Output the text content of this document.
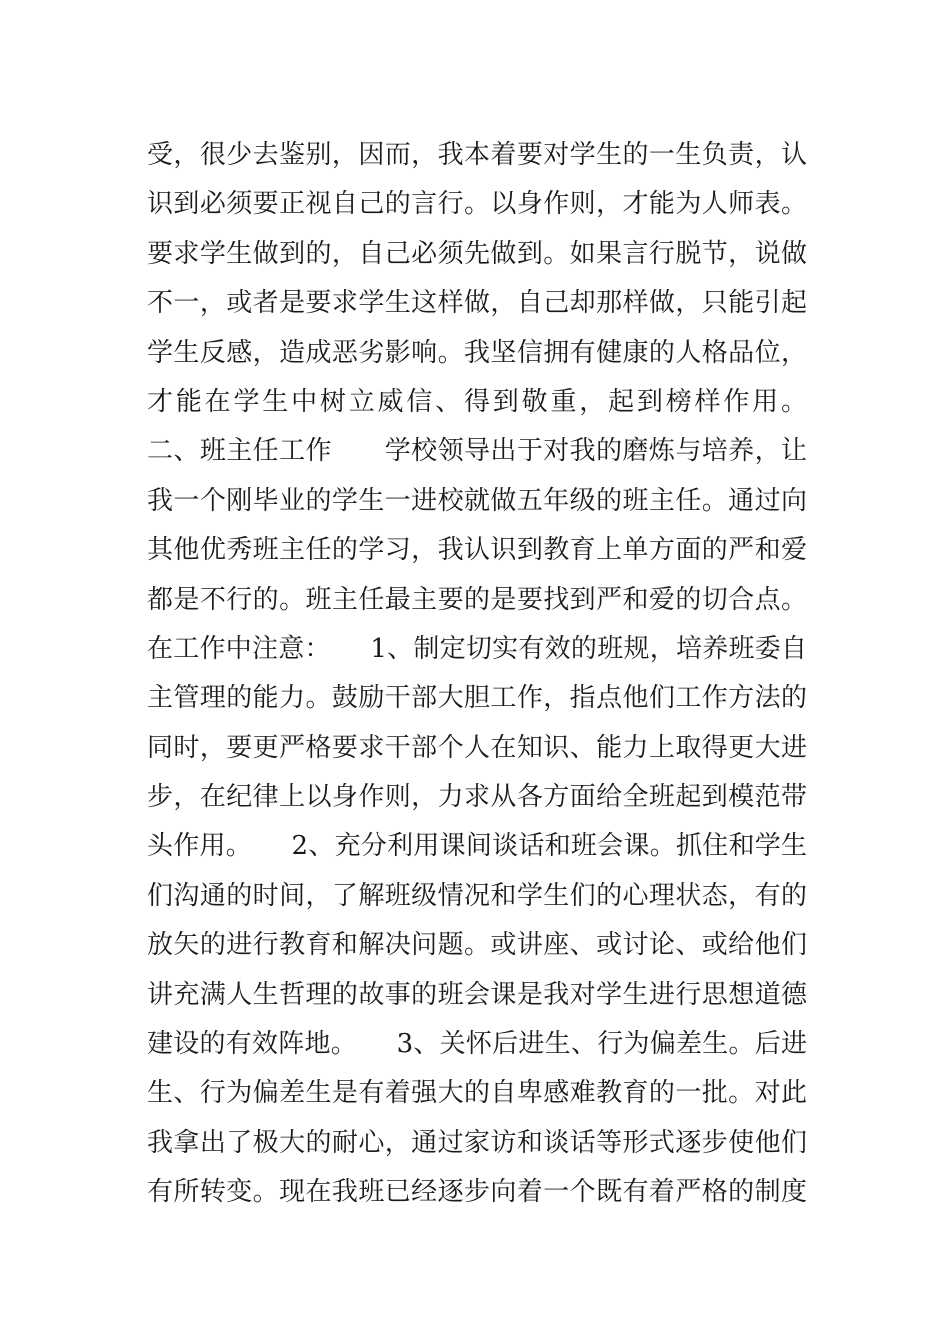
受，很少去鉴别，因而，我本着要对学生的一生负责，认
识到必须要正视自己的言行。以身作则，才能为人师表。
要求学生做到的，自己必须先做到。如果言行脱节，说做
不一，或者是要求学生这样做，自己却那样做，只能引起
学生反感，造成恶劣影响。我坚信拥有健康的人格品位，
才能在学生中树立威信、得到敬重，起到榜样作用。
二、班主任工作　　学校领导出于对我的磨炼与培养，让
我一个刚毕业的学生一进校就做五年级的班主任。通过向
其他优秀班主任的学习，我认识到教育上单方面的严和爱
都是不行的。班主任最主要的是要找到严和爱的切合点。
在工作中注意：　　1、制定切实有效的班规，培养班委自
主管理的能力。鼓励干部大胆工作，指点他们工作方法的
同时，要更严格要求干部个人在知识、能力上取得更大进
步，在纪律上以身作则，力求从各方面给全班起到模范带
头作用。　　2、充分利用课间谈话和班会课。抓住和学生
们沟通的时间，了解班级情况和学生们的心理状态，有的
放矢的进行教育和解决问题。或讲座、或讨论、或给他们
讲充满人生哲理的故事的班会课是我对学生进行思想道德
建设的有效阵地。　　3、关怀后进生、行为偏差生。后进
生、行为偏差生是有着强大的自卑感难教育的一批。对此
我拿出了极大的耐心，通过家访和谈话等形式逐步使他们
有所转变。现在我班已经逐步向着一个既有着严格的制度
